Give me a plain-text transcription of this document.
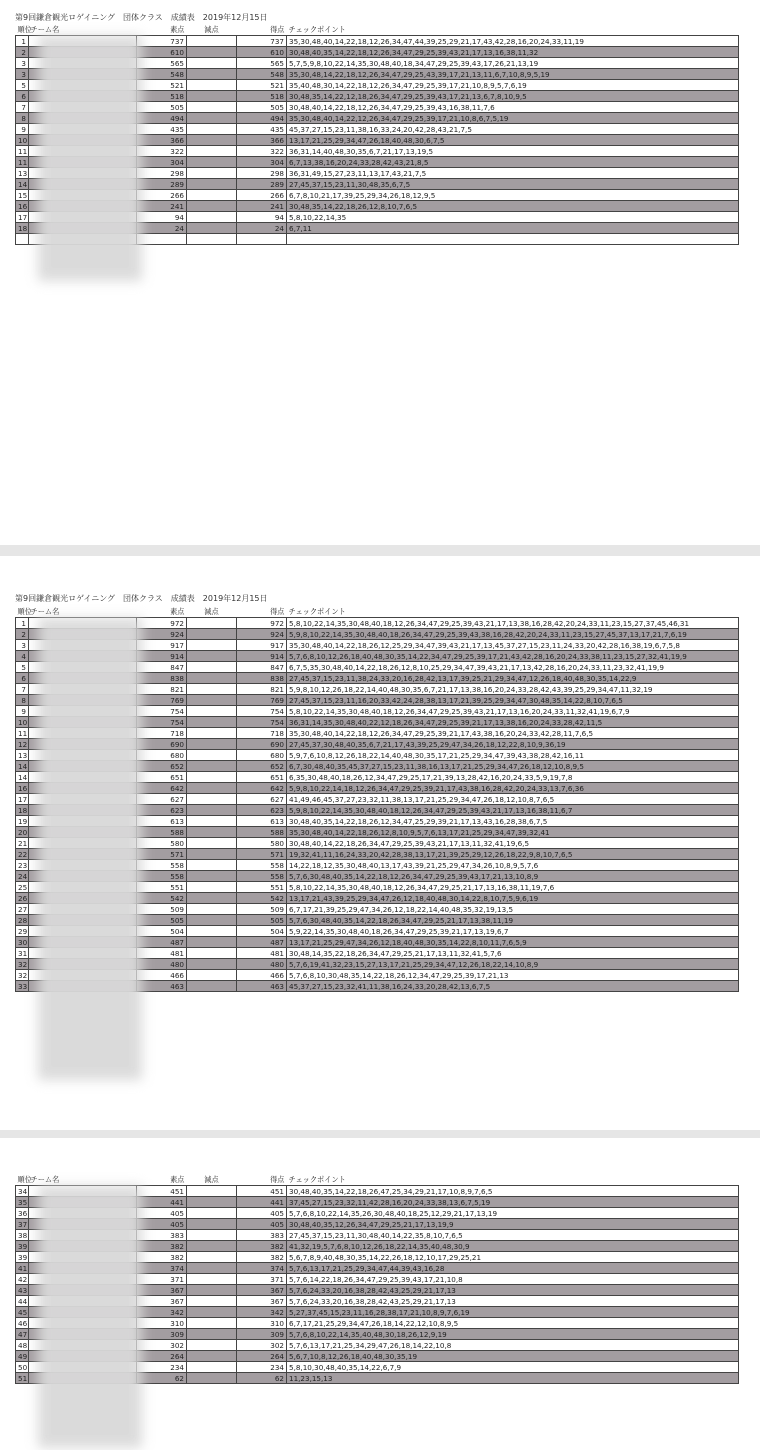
第9回鎌倉観光ロゲイニング　団体クラス　成績表　2019年12月15日
順位	チーム名	素点	減点	得点	チェックポイント
1		737		737	35,30,48,40,14,22,18,12,26,34,47,44,39,25,29,21,17,43,42,28,16,20,24,33,11,19
2		610		610	30,48,40,35,14,22,18,12,26,34,47,29,25,39,43,21,17,13,16,38,11,32
3		565		565	5,7,5,9,8,10,22,14,35,30,48,40,18,34,47,29,25,39,43,17,26,21,13,19
3		548		548	35,30,48,14,22,18,12,26,34,47,29,25,43,39,17,21,13,11,6,7,10,8,9,5,19
5		521		521	35,40,48,30,14,22,18,12,26,34,47,29,25,39,17,21,10,8,9,5,7,6,19
6		518		518	30,48,35,14,22,12,18,26,34,47,29,25,39,43,17,21,13,6,7,8,10,9,5
7		505		505	30,48,40,14,22,18,12,26,34,47,29,25,39,43,16,38,11,7,6
8		494		494	35,30,48,40,14,22,12,26,34,47,29,25,39,17,21,10,8,6,7,5,19
9		435		435	45,37,27,15,23,11,38,16,33,24,20,42,28,43,21,7,5
10		366		366	13,17,21,25,29,34,47,26,18,40,48,30,6,7,5
11		322		322	36,31,14,40,48,30,35,6,7,21,17,13,19,5
11		304		304	6,7,13,38,16,20,24,33,28,42,43,21,8,5
13		298		298	36,31,49,15,27,23,11,13,17,43,21,7,5
14		289		289	27,45,37,15,23,11,30,48,35,6,7,5
15		266		266	6,7,8,10,21,17,39,25,29,34,26,18,12,9,5
16		241		241	30,48,35,14,22,18,26,12,8,10,7,6,5
17		94		94	5,8,10,22,14,35
18		24		24	6,7,11

第9回鎌倉観光ロゲイニング　団体クラス　成績表　2019年12月15日
順位	チーム名	素点	減点	得点	チェックポイント
1		972		972	5,8,10,22,14,35,30,48,40,18,12,26,34,47,29,25,39,43,21,17,13,38,16,28,42,20,24,33,11,23,15,27,37,45,46,31
2		924		924	5,9,8,10,22,14,35,30,48,40,18,26,34,47,29,25,39,43,38,16,28,42,20,24,33,11,23,15,27,45,37,13,17,21,7,6,19
3		917		917	35,30,48,40,14,22,18,26,12,25,29,34,47,39,43,21,17,13,45,37,27,15,23,11,24,33,20,42,28,16,38,19,6,7,5,8
4		914		914	5,7,6,8,10,12,26,18,40,48,30,35,14,22,34,47,29,25,39,17,21,43,42,28,16,20,24,33,38,11,23,15,27,32,41,19,9
5		847		847	6,7,5,35,30,48,40,14,22,18,26,12,8,10,25,29,34,47,39,43,21,17,13,42,28,16,20,24,33,11,23,32,41,19,9
6		838		838	27,45,37,15,23,11,38,24,33,20,16,28,42,13,17,39,25,21,29,34,47,12,26,18,40,48,30,35,14,22,9
7		821		821	5,9,8,10,12,26,18,22,14,40,48,30,35,6,7,21,17,13,38,16,20,24,33,28,42,43,39,25,29,34,47,11,32,19
8		769		769	27,45,37,15,23,11,16,20,33,42,24,28,38,13,17,21,39,25,29,34,47,30,48,35,14,22,8,10,7,6,5
9		754		754	5,8,10,22,14,35,30,48,40,18,12,26,34,47,29,25,39,43,21,17,13,16,20,24,33,11,32,41,19,6,7,9
10		754		754	36,31,14,35,30,48,40,22,12,18,26,34,47,29,25,39,21,17,13,38,16,20,24,33,28,42,11,5
11		718		718	35,30,48,40,14,22,18,12,26,34,47,29,25,39,21,17,43,38,16,20,24,33,42,28,11,7,6,5
12		690		690	27,45,37,30,48,40,35,6,7,21,17,43,39,25,29,47,34,26,18,12,22,8,10,9,36,19
13		680		680	5,9,7,6,10,8,12,26,18,22,14,40,48,30,35,17,21,25,29,34,47,39,43,38,28,42,16,11
14		652		652	6,7,30,48,40,35,45,37,27,15,23,11,38,16,13,17,21,25,29,34,47,26,18,12,10,8,9,5
14		651		651	6,35,30,48,40,18,26,12,34,47,29,25,17,21,39,13,28,42,16,20,24,33,5,9,19,7,8
16		642		642	5,9,8,10,22,14,18,12,26,34,47,29,25,39,21,17,43,38,16,28,42,20,24,33,13,7,6,36
17		627		627	41,49,46,45,37,27,23,32,11,38,13,17,21,25,29,34,47,26,18,12,10,8,7,6,5
18		623		623	5,9,8,10,22,14,35,30,48,40,18,12,26,34,47,29,25,39,43,21,17,13,16,38,11,6,7
19		613		613	30,48,40,35,14,22,18,26,12,34,47,25,29,39,21,17,13,43,16,28,38,6,7,5
20		588		588	35,30,48,40,14,22,18,26,12,8,10,9,5,7,6,13,17,21,25,29,34,47,39,32,41
21		580		580	30,48,40,14,22,18,26,34,47,29,25,39,43,21,17,13,11,32,41,19,6,5
22		571		571	19,32,41,11,16,24,33,20,42,28,38,13,17,21,39,25,29,12,26,18,22,9,8,10,7,6,5
23		558		558	14,22,18,12,35,30,48,40,13,17,43,39,21,25,29,47,34,26,10,8,9,5,7,6
24		558		558	5,7,6,30,48,40,35,14,22,18,12,26,34,47,29,25,39,43,17,21,13,10,8,9
25		551		551	5,8,10,22,14,35,30,48,40,18,12,26,34,47,29,25,21,17,13,16,38,11,19,7,6
26		542		542	13,17,21,43,39,25,29,34,47,26,12,18,40,48,30,14,22,8,10,7,5,9,6,19
27		509		509	6,7,17,21,39,25,29,47,34,26,12,18,22,14,40,48,35,32,19,13,5
28		505		505	5,7,6,30,48,40,35,14,22,18,26,34,47,29,25,21,17,13,38,11,19
29		504		504	5,9,22,14,35,30,48,40,18,26,34,47,29,25,39,21,17,13,19,6,7
30		487		487	13,17,21,25,29,47,34,26,12,18,40,48,30,35,14,22,8,10,11,7,6,5,9
31		481		481	30,48,14,35,22,18,26,34,47,29,25,21,17,13,11,32,41,5,7,6
32		480		480	5,7,6,19,41,32,23,15,27,13,17,21,25,29,34,47,12,26,18,22,14,10,8,9
32		466		466	5,7,6,8,10,30,48,35,14,22,18,26,12,34,47,29,25,39,17,21,13
33		463		463	45,37,27,15,23,32,41,11,38,16,24,33,20,28,42,13,6,7,5
順位	チーム名	素点	減点	得点	チェックポイント
34		451		451	30,48,40,35,14,22,18,26,47,25,34,29,21,17,10,8,9,7,6,5
35		441		441	37,45,27,15,23,32,11,42,28,16,20,24,33,38,13,6,7,5,19
36		405		405	5,7,6,8,10,22,14,35,26,30,48,40,18,25,12,29,21,17,13,19
37		405		405	30,48,40,35,12,26,34,47,29,25,21,17,13,19,9
38		383		383	27,45,37,15,23,11,30,48,40,14,22,35,8,10,7,6,5
39		382		382	41,32,19,5,7,6,8,10,12,26,18,22,14,35,40,48,30,9
39		382		382	5,6,7,8,9,40,48,30,35,14,22,26,18,12,10,17,29,25,21
41		374		374	5,7,6,13,17,21,25,29,34,47,44,39,43,16,28
42		371		371	5,7,6,14,22,18,26,34,47,29,25,39,43,17,21,10,8
43		367		367	5,7,6,24,33,20,16,38,28,42,43,25,29,21,17,13
44		367		367	5,7,6,24,33,20,16,38,28,42,43,25,29,21,17,13
45		342		342	5,27,37,45,15,23,11,16,28,38,17,21,10,8,9,7,6,19
46		310		310	6,7,17,21,25,29,34,47,26,18,14,22,12,10,8,9,5
47		309		309	5,7,6,8,10,22,14,35,40,48,30,18,26,12,9,19
48		302		302	5,7,6,13,17,21,25,34,29,47,26,18,14,22,10,8
49		264		264	5,6,7,10,8,12,26,18,40,48,30,35,19
50		234		234	5,8,10,30,48,40,35,14,22,6,7,9
51		62		62	11,23,15,13
